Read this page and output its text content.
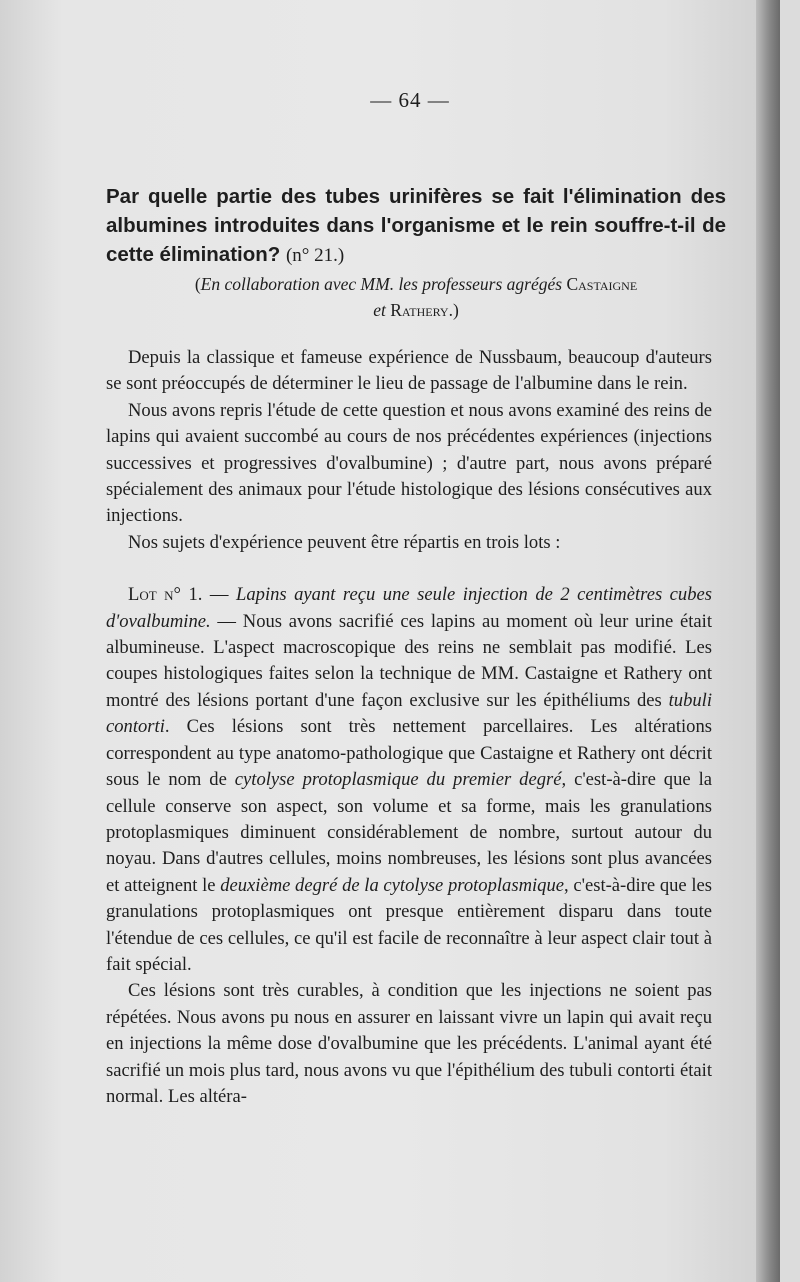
— 64 —
Par quelle partie des tubes urinifères se fait l'élimination des albumines introduites dans l'organisme et le rein souffre-t-il de cette élimination? (n° 21.)
(En collaboration avec MM. les professeurs agrégés Castaigne
et Rathery.)

Depuis la classique et fameuse expérience de Nussbaum, beaucoup d'auteurs se sont préoccupés de déterminer le lieu de passage de l'albumine dans le rein.

Nous avons repris l'étude de cette question et nous avons examiné des reins de lapins qui avaient succombé au cours de nos précédentes expériences (injections successives et progressives d'ovalbumine) ; d'autre part, nous avons préparé spécialement des animaux pour l'étude histologique des lésions consécutives aux injections.

Nos sujets d'expérience peuvent être répartis en trois lots :

Lot n° 1. — Lapins ayant reçu une seule injection de 2 centimètres cubes d'ovalbumine. — Nous avons sacrifié ces lapins au moment où leur urine était albumineuse. L'aspect macroscopique des reins ne semblait pas modifié. Les coupes histologiques faites selon la technique de MM. Castaigne et Rathery ont montré des lésions portant d'une façon exclusive sur les épithéliums des tubuli contorti. Ces lésions sont très nettement parcellaires. Les altérations correspondent au type anatomo-pathologique que Castaigne et Rathery ont décrit sous le nom de cytolyse protoplasmique du premier degré, c'est-à-dire que la cellule conserve son aspect, son volume et sa forme, mais les granulations protoplasmiques diminuent considérablement de nombre, surtout autour du noyau. Dans d'autres cellules, moins nombreuses, les lésions sont plus avancées et atteignent le deuxième degré de la cytolyse protoplasmique, c'est-à-dire que les granulations protoplasmiques ont presque entièrement disparu dans toute l'étendue de ces cellules, ce qu'il est facile de reconnaître à leur aspect clair tout à fait spécial.

Ces lésions sont très curables, à condition que les injections ne soient pas répétées. Nous avons pu nous en assurer en laissant vivre un lapin qui avait reçu en injections la même dose d'ovalbumine que les précédents. L'animal ayant été sacrifié un mois plus tard, nous avons vu que l'épithélium des tubuli contorti était normal. Les altéra-
